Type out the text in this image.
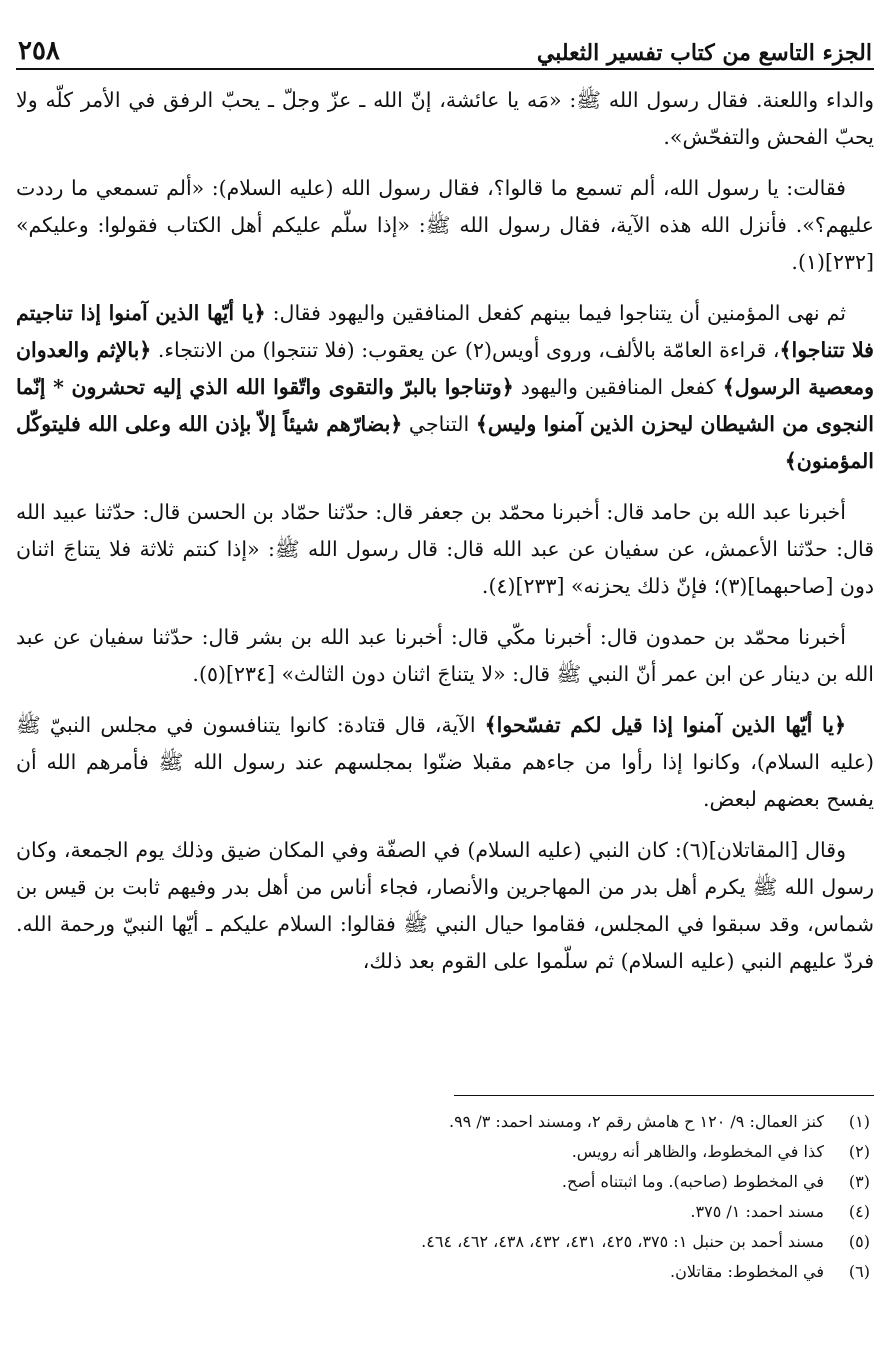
الجزء التاسع من كتاب تفسير الثعلبي
٢٥٨

والداء واللعنة. فقال رسول الله ﷺ: «مَه يا عائشة، إنّ الله ـ عزّ وجلّ ـ يحبّ الرفق في الأمر كلّه ولا يحبّ الفحش والتفحّش».

فقالت: يا رسول الله، ألم تسمع ما قالوا؟، فقال رسول الله (عليه السلام): «ألم تسمعي ما رددت عليهم؟». فأنزل الله هذه الآية، فقال رسول الله ﷺ: «إذا سلّم عليكم أهل الكتاب فقولوا: وعليكم» [٢٣٢](١).

ثم نهى المؤمنين أن يتناجوا فيما بينهم كفعل المنافقين واليهود فقال: ﴿يا أيّها الذين آمنوا إذا تناجيتم فلا تتناجوا﴾، قراءة العامّة بالألف، وروى أويس(٢) عن يعقوب: (فلا تنتجوا) من الانتجاء. ﴿بالإثم والعدوان ومعصية الرسول﴾ كفعل المنافقين واليهود ﴿وتناجوا بالبرّ والتقوى واتّقوا الله الذي إليه تحشرون * إنّما النجوى من الشيطان ليحزن الذين آمنوا وليس﴾ التناجي ﴿بضارّهم شيئاً إلاّ بإذن الله وعلى الله فليتوكّل المؤمنون﴾

أخبرنا عبد الله بن حامد قال: أخبرنا محمّد بن جعفر قال: حدّثنا حمّاد بن الحسن قال: حدّثنا عبيد الله قال: حدّثنا الأعمش، عن سفيان عن عبد الله قال: قال رسول الله ﷺ: «إذا كنتم ثلاثة فلا يتناجَ اثنان دون [صاحبهما](٣)؛ فإنّ ذلك يحزنه» [٢٣٣](٤).

أخبرنا محمّد بن حمدون قال: أخبرنا مكّي قال: أخبرنا عبد الله بن بشر قال: حدّثنا سفيان عن عبد الله بن دينار عن ابن عمر أنّ النبي ﷺ قال: «لا يتناجَ اثنان دون الثالث» [٢٣٤](٥).

﴿يا أيّها الذين آمنوا إذا قيل لكم تفسّحوا﴾ الآية، قال قتادة: كانوا يتنافسون في مجلس النبيّ ﷺ (عليه السلام)، وكانوا إذا رأوا من جاءهم مقبلا ضنّوا بمجلسهم عند رسول الله ﷺ فأمرهم الله أن يفسح بعضهم لبعض.

وقال [المقاتلان](٦): كان النبي (عليه السلام) في الصفّة وفي المكان ضيق وذلك يوم الجمعة، وكان رسول الله ﷺ يكرم أهل بدر من المهاجرين والأنصار، فجاء أناس من أهل بدر وفيهم ثابت بن قيس بن شماس، وقد سبقوا في المجلس، فقاموا حيال النبي ﷺ فقالوا: السلام عليكم ـ أيّها النبيّ ورحمة الله. فردّ عليهم النبي (عليه السلام) ثم سلّموا على القوم بعد ذلك،

(١)
كنز العمال: ٩/ ١٢٠ ح هامش رقم ٢، ومسند احمد: ٣/ ٩٩.
(٢)
كذا في المخطوط، والظاهر أنه رويس.
(٣)
في المخطوط (صاحبه). وما اثبتناه أصح.
(٤)
مسند احمد: ١/ ٣٧٥.
(٥)
مسند أحمد بن حنبل ١: ٣٧٥، ٤٢٥، ٤٣١، ٤٣٢، ٤٣٨، ٤٦٢، ٤٦٤.
(٦)
في المخطوط: مقاتلان.
